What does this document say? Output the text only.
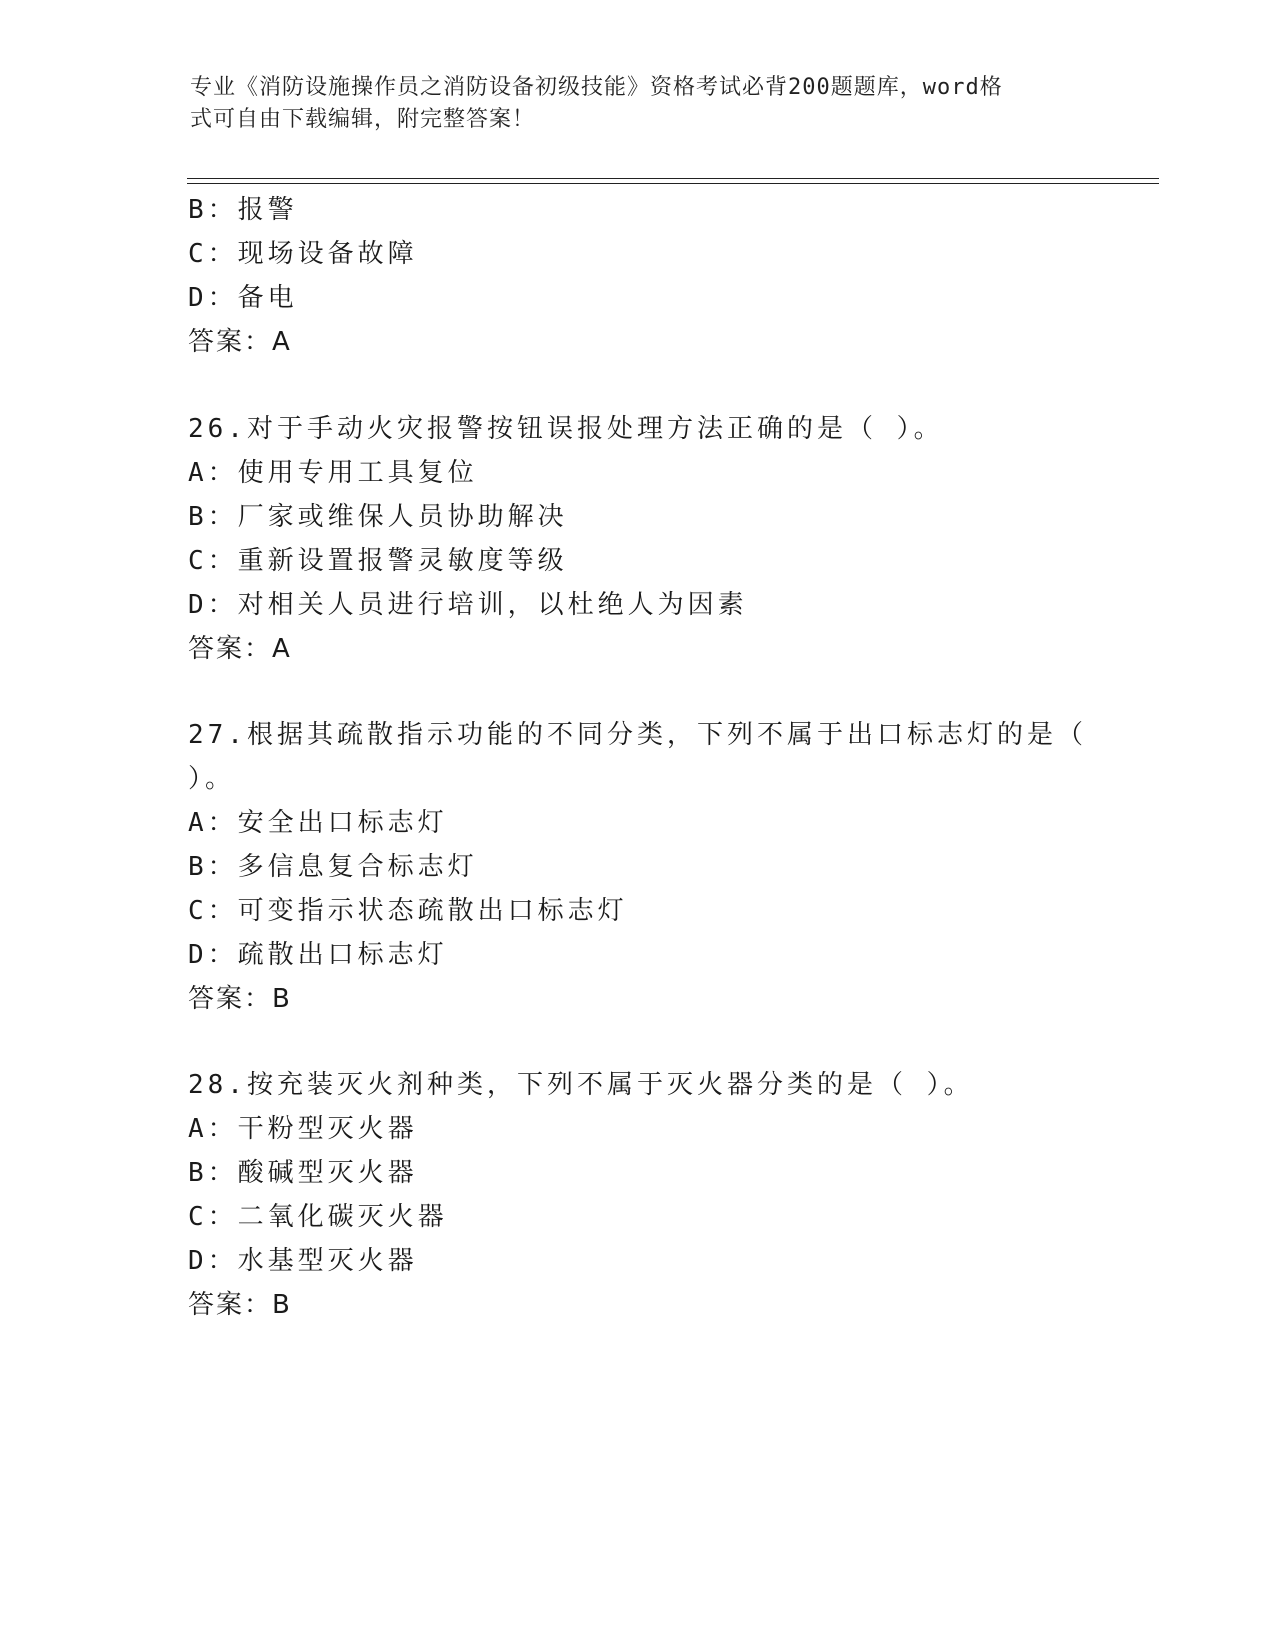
专业《消防设施操作员之消防设备初级技能》资格考试必背200题题库，word格
式可自由下载编辑，附完整答案！
B：报警
C：现场设备故障
D：备电
答案：A
26.对于手动火灾报警按钮误报处理方法正确的是（ ）。
A：使用专用工具复位
B：厂家或维保人员协助解决
C：重新设置报警灵敏度等级
D：对相关人员进行培训，以杜绝人为因素
答案：A
27.根据其疏散指示功能的不同分类，下列不属于出口标志灯的是（
）。
A：安全出口标志灯
B：多信息复合标志灯
C：可变指示状态疏散出口标志灯
D：疏散出口标志灯
答案：B
28.按充装灭火剂种类，下列不属于灭火器分类的是（ ）。
A：干粉型灭火器
B：酸碱型灭火器
C：二氧化碳灭火器
D：水基型灭火器
答案：B
